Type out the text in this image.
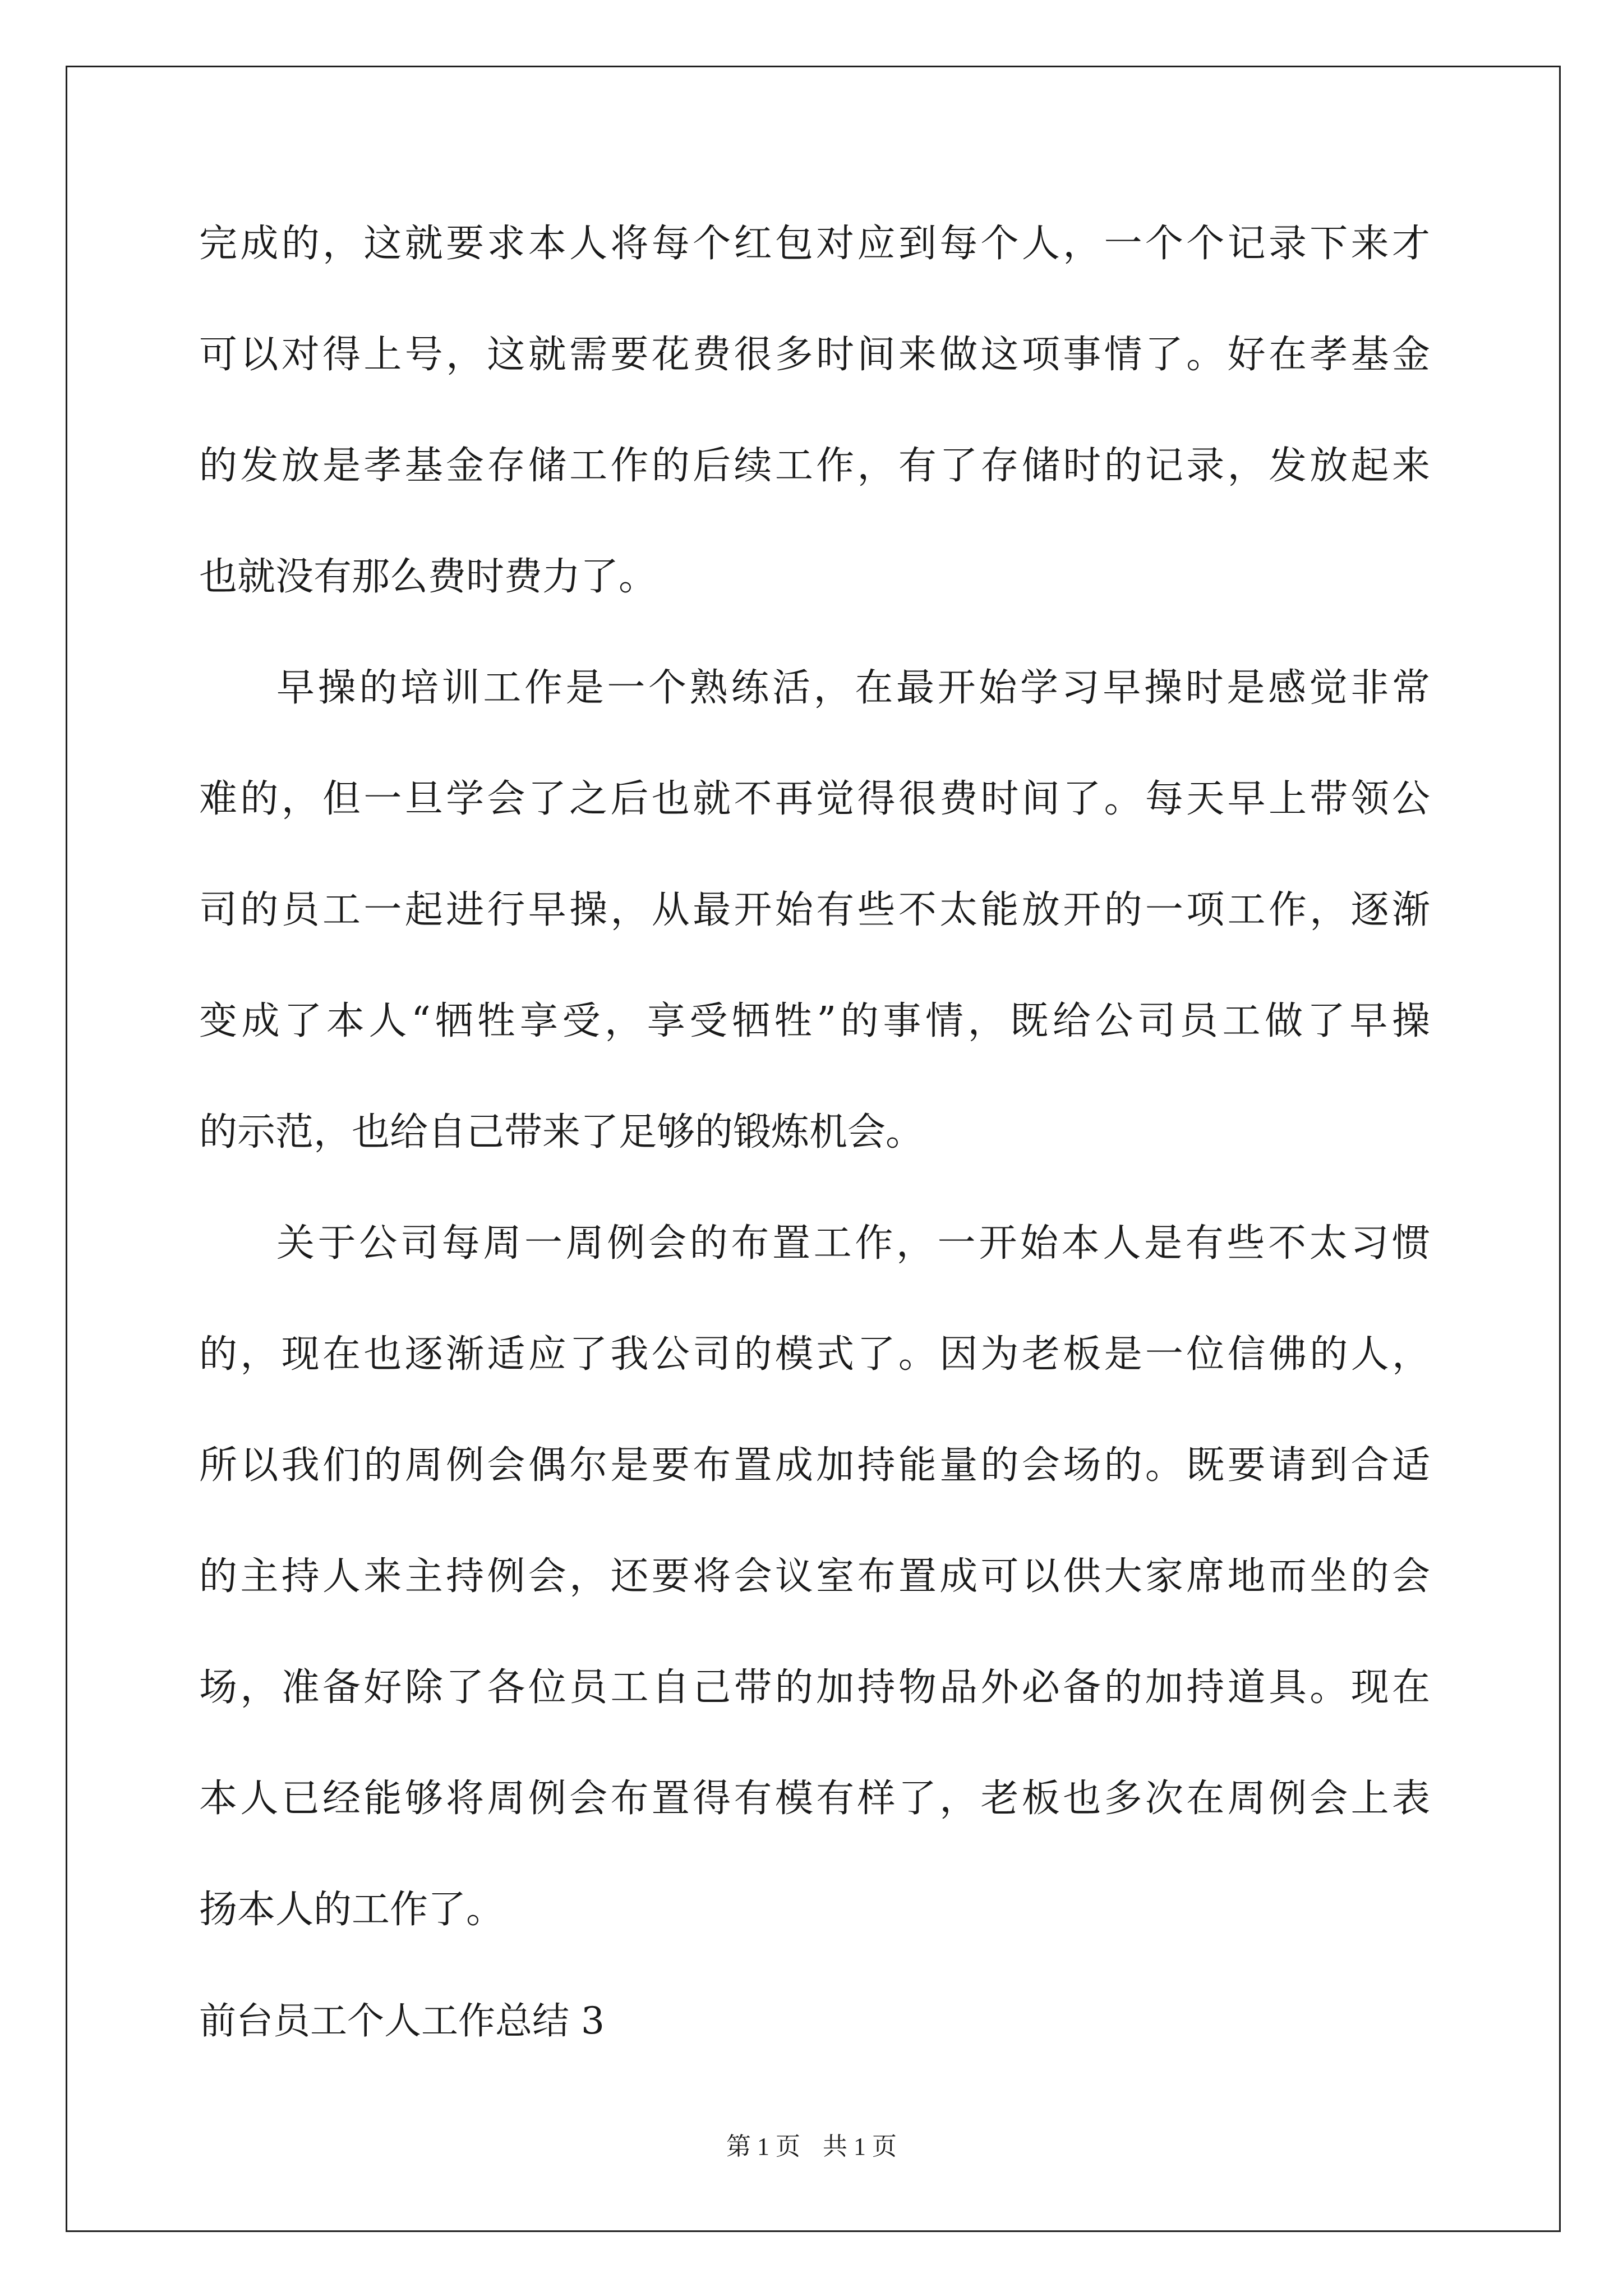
完成的，这就要求本人将每个红包对应到每个人，一个个记录下来才
可以对得上号，这就需要花费很多时间来做这项事情了。好在孝基金
的发放是孝基金存储工作的后续工作，有了存储时的记录，发放起来
也就没有那么费时费力了。
早操的培训工作是一个熟练活，在最开始学习早操时是感觉非常
难的，但一旦学会了之后也就不再觉得很费时间了。每天早上带领公
司的员工一起进行早操，从最开始有些不太能放开的一项工作，逐渐
变成了本人“牺牲享受，享受牺牲”的事情，既给公司员工做了早操
的示范，也给自己带来了足够的锻炼机会。
关于公司每周一周例会的布置工作，一开始本人是有些不太习惯
的，现在也逐渐适应了我公司的模式了。因为老板是一位信佛的人，
所以我们的周例会偶尔是要布置成加持能量的会场的。既要请到合适
的主持人来主持例会，还要将会议室布置成可以供大家席地而坐的会
场，准备好除了各位员工自己带的加持物品外必备的加持道具。现在
本人已经能够将周例会布置得有模有样了，老板也多次在周例会上表
扬本人的工作了。
前台员工个人工作总结 3
第 1 页 共 1 页
